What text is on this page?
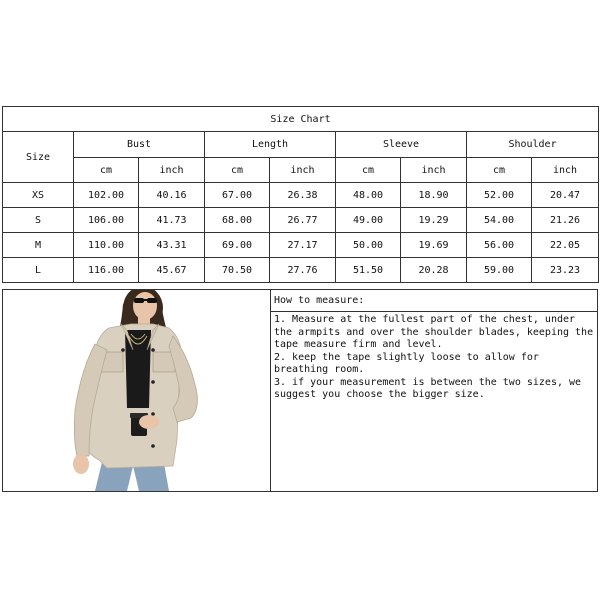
Size Chart								
Size	Bust		Length		Sleeve		Shoulder	
	cm	inch	cm	inch	cm	inch	cm	inch
XS	102.00	40.16	67.00	26.38	48.00	18.90	52.00	20.47
S	106.00	41.73	68.00	26.77	49.00	19.29	54.00	21.26
M	110.00	43.31	69.00	27.17	50.00	19.69	56.00	22.05
L	116.00	45.67	70.50	27.76	51.50	20.28	59.00	23.23
How to measure:

1. Measure at the fullest part of the chest, under the armpits and over the shoulder blades, keeping the tape measure firm and level.

2. keep the tape slightly loose to allow for breathing room.

3. if your measurement is between the two sizes, we suggest you choose the bigger size.
